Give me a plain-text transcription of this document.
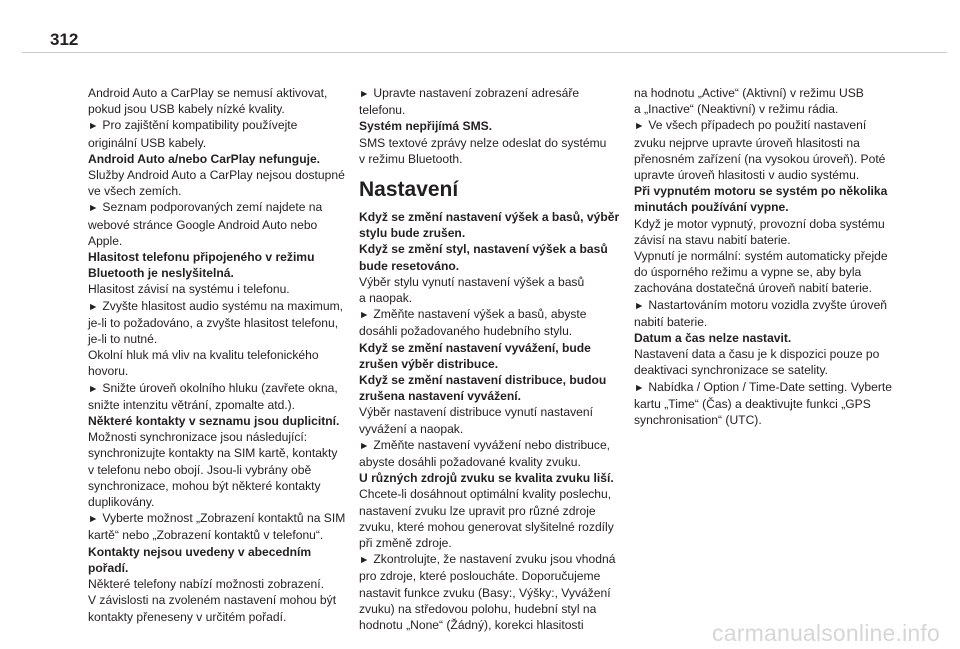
312

Android Auto a CarPlay se nemusí aktivovat,

pokud jsou USB kabely nízké kvality.

► Pro zajištění kompatibility používejte

originální USB kabely.

Android Auto a/nebo CarPlay nefunguje.

Služby Android Auto a CarPlay nejsou dostupné

ve všech zemích.

► Seznam podporovaných zemí najdete na

webové stránce Google Android Auto nebo

Apple.

Hlasitost telefonu připojeného v režimu

Bluetooth je neslyšitelná.

Hlasitost závisí na systému i telefonu.

► Zvyšte hlasitost audio systému na maximum,

je-li to požadováno, a zvyšte hlasitost telefonu,

je-li to nutné.

Okolní hluk má vliv na kvalitu telefonického

hovoru.

► Snižte úroveň okolního hluku (zavřete okna,

snižte intenzitu větrání, zpomalte atd.).

Některé kontakty v seznamu jsou duplicitní.

Možnosti synchronizace jsou následující:

synchronizujte kontakty na SIM kartě, kontakty

v telefonu nebo obojí. Jsou-li vybrány obě

synchronizace, mohou být některé kontakty

duplikovány.

► Vyberte možnost „Zobrazení kontaktů na SIM

kartě“ nebo „Zobrazení kontaktů v telefonu“.

Kontakty nejsou uvedeny v abecedním

pořadí.

Některé telefony nabízí možnosti zobrazení.

V závislosti na zvoleném nastavení mohou být

kontakty přeneseny v určitém pořadí.

► Upravte nastavení zobrazení adresáře

telefonu.

Systém nepřijímá SMS.

SMS textové zprávy nelze odeslat do systému

v režimu Bluetooth.

Nastavení

Když se změní nastavení výšek a basů, výběr

stylu bude zrušen.

Když se změní styl, nastavení výšek a basů

bude resetováno.

Výběr stylu vynutí nastavení výšek a basů

a naopak.

► Změňte nastavení výšek a basů, abyste

dosáhli požadovaného hudebního stylu.

Když se změní nastavení vyvážení, bude

zrušen výběr distribuce.

Když se změní nastavení distribuce, budou

zrušena nastavení vyvážení.

Výběr nastavení distribuce vynutí nastavení

vyvážení a naopak.

► Změňte nastavení vyvážení nebo distribuce,

abyste dosáhli požadované kvality zvuku.

U různých zdrojů zvuku se kvalita zvuku liší.

Chcete-li dosáhnout optimální kvality poslechu,

nastavení zvuku lze upravit pro různé zdroje

zvuku, které mohou generovat slyšitelné rozdíly

při změně zdroje.

► Zkontrolujte, že nastavení zvuku jsou vhodná

pro zdroje, které posloucháte. Doporučujeme

nastavit funkce zvuku (Basy:, Výšky:, Vyvážení

zvuku) na středovou polohu, hudební styl na

hodnotu „None“ (Žádný), korekci hlasitosti

na hodnotu „Active“ (Aktivní) v režimu USB

a „Inactive“ (Neaktivní) v režimu rádia.

► Ve všech případech po použití nastavení

zvuku nejprve upravte úroveň hlasitosti na

přenosném zařízení (na vysokou úroveň). Poté

upravte úroveň hlasitosti v audio systému.

Při vypnutém motoru se systém po několika

minutách používání vypne.

Když je motor vypnutý, provozní doba systému

závisí na stavu nabití baterie.

Vypnutí je normální: systém automaticky přejde

do úsporného režimu a vypne se, aby byla

zachována dostatečná úroveň nabití baterie.

► Nastartováním motoru vozidla zvyšte úroveň

nabití baterie.

Datum a čas nelze nastavit.

Nastavení data a času je k dispozici pouze po

deaktivaci synchronizace se satelity.

► Nabídka / Option / Time-Date setting. Vyberte

kartu „Time“ (Čas) a deaktivujte funkci „GPS

synchronisation“ (UTC).

carmanualsonline.info
